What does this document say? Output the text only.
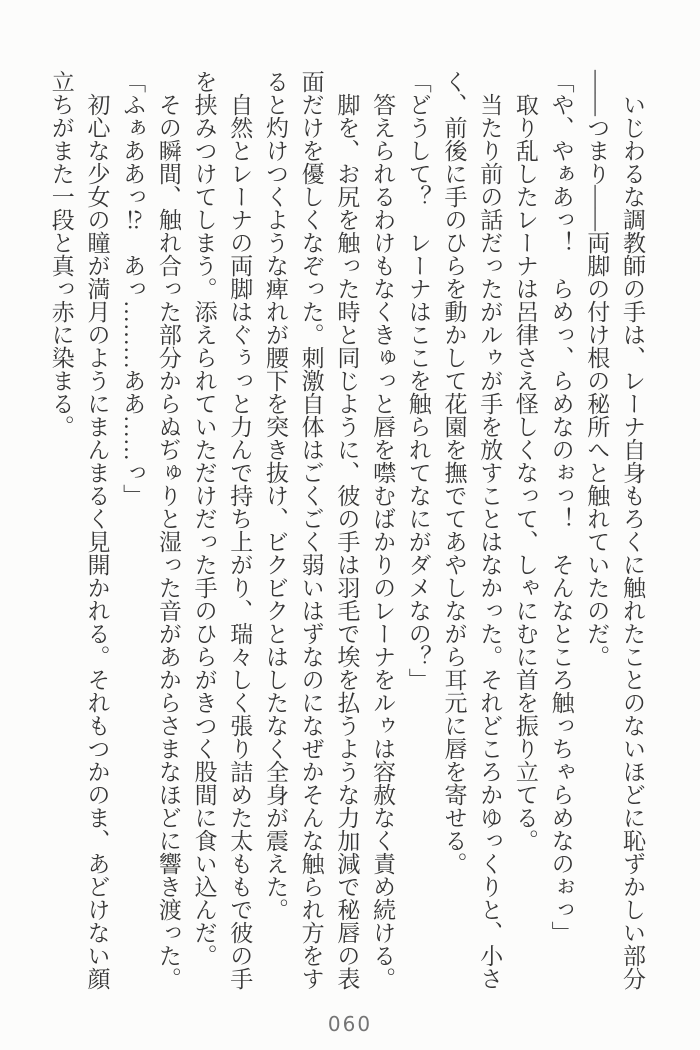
いじわるな調教師の手は、レーナ自身もろくに触れたことのないほどに恥ずかしい部分

――つまり――両脚の付け根の秘所へと触れていたのだ。

「や、やぁあっ！　らめっ、らめなのぉっ！　そんなところ触っちゃらめなのぉっ」

取り乱したレーナは呂律さえ怪しくなって、しゃにむに首を振り立てる。

当たり前の話だったがルゥが手を放すことはなかった。それどころかゆっくりと、小さ

く、前後に手のひらを動かして花園を撫でてあやしながら耳元に唇を寄せる。

「どうして？　レーナはここを触られてなにがダメなの？」

答えられるわけもなくきゅっと唇を噤むばかりのレーナをルゥは容赦なく責め続ける。

脚を、お尻を触った時と同じように、彼の手は羽毛で埃を払うような力加減で秘唇の表

面だけを優しくなぞった。刺激自体はごくごく弱いはずなのになぜかそんな触られ方をす

ると灼けつくような痺れが腰下を突き抜け、ビクビクとはしたなく全身が震えた。

自然とレーナの両脚はぐぅっと力んで持ち上がり、瑞々しく張り詰めた太ももで彼の手

を挟みつけてしまう。添えられていただけだった手のひらがきつく股間に食い込んだ。

その瞬間、触れ合った部分からぬぢゅりと湿った音があからさまなほどに響き渡った。

「ふぁああっ⁉　あっ………ああ……っ」

初心な少女の瞳が満月のようにまんまるく見開かれる。それもつかのま、あどけない顔

立ちがまた一段と真っ赤に染まる。

060
